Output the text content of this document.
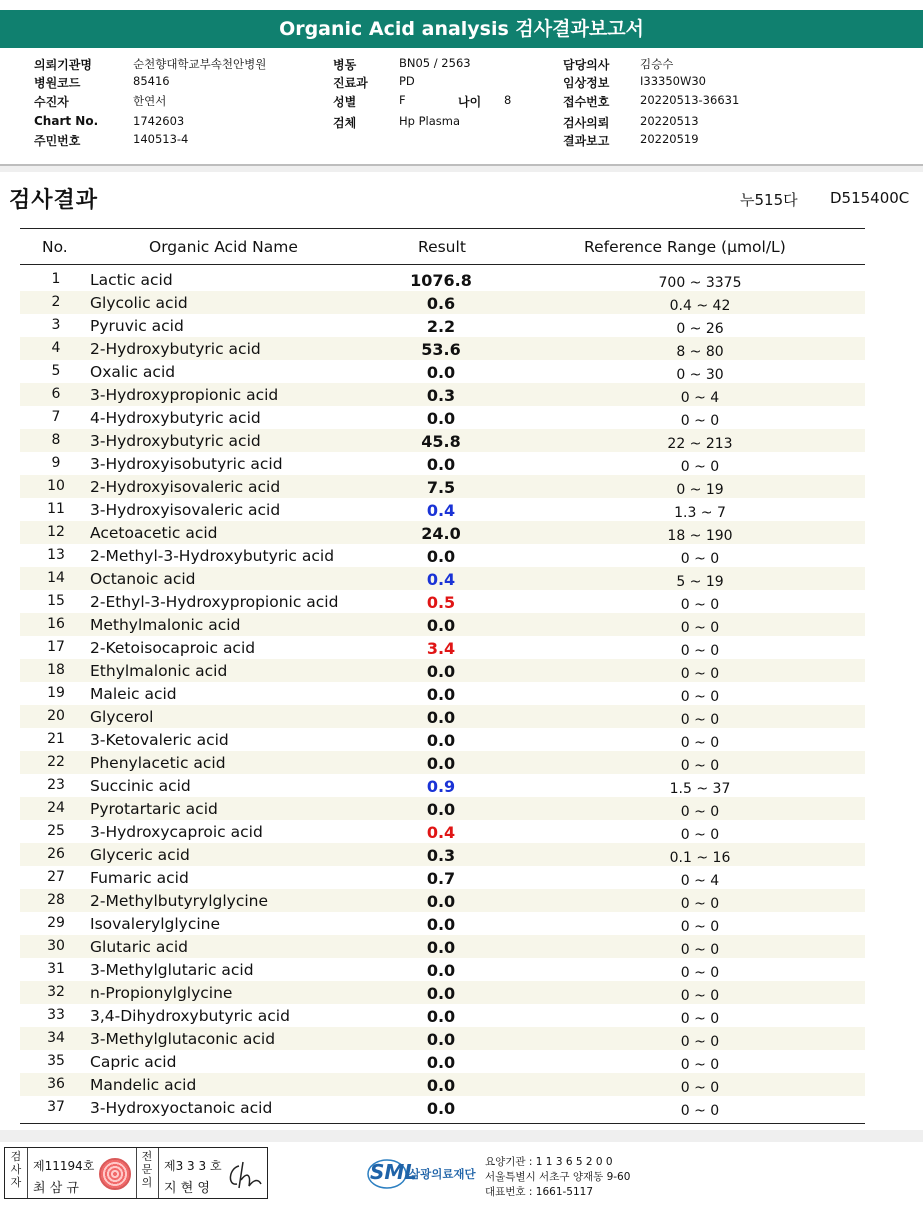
Organic Acid analysis 검사결과보고서
의뢰기관명	순천향대학교부속천안병원
병원코드	85416
수진자	한연서
Chart No.	1742603
주민번호	140513-4
병동	BN05 / 2563
진료과	PD
성별	F
검체	Hp Plasma
나이 8
담당의사	김승수
임상정보	I33350W30
접수번호	20220513-36631
검사의뢰	20220513
결과보고	20220519
검사결과	누515다 D515400C
No.	Organic Acid Name	Result	Reference Range (μmol/L)
1	Lactic acid	1076.8	700 ~ 3375
2	Glycolic acid	0.6	0.4 ~ 42
3	Pyruvic acid	2.2	0 ~ 26
4	2-Hydroxybutyric acid	53.6	8 ~ 80
5	Oxalic acid	0.0	0 ~ 30
6	3-Hydroxypropionic acid	0.3	0 ~ 4
7	4-Hydroxybutyric acid	0.0	0 ~ 0
8	3-Hydroxybutyric acid	45.8	22 ~ 213
9	3-Hydroxyisobutyric acid	0.0	0 ~ 0
10	2-Hydroxyisovaleric acid	7.5	0 ~ 19
11	3-Hydroxyisovaleric acid	0.4	1.3 ~ 7
12	Acetoacetic acid	24.0	18 ~ 190
13	2-Methyl-3-Hydroxybutyric acid	0.0	0 ~ 0
14	Octanoic acid	0.4	5 ~ 19
15	2-Ethyl-3-Hydroxypropionic acid	0.5	0 ~ 0
16	Methylmalonic acid	0.0	0 ~ 0
17	2-Ketoisocaproic acid	3.4	0 ~ 0
18	Ethylmalonic acid	0.0	0 ~ 0
19	Maleic acid	0.0	0 ~ 0
20	Glycerol	0.0	0 ~ 0
21	3-Ketovaleric acid	0.0	0 ~ 0
22	Phenylacetic acid	0.0	0 ~ 0
23	Succinic acid	0.9	1.5 ~ 37
24	Pyrotartaric acid	0.0	0 ~ 0
25	3-Hydroxycaproic acid	0.4	0 ~ 0
26	Glyceric acid	0.3	0.1 ~ 16
27	Fumaric acid	0.7	0 ~ 4
28	2-Methylbutyrylglycine	0.0	0 ~ 0
29	Isovalerylglycine	0.0	0 ~ 0
30	Glutaric acid	0.0	0 ~ 0
31	3-Methylglutaric acid	0.0	0 ~ 0
32	n-Propionylglycine	0.0	0 ~ 0
33	3,4-Dihydroxybutyric acid	0.0	0 ~ 0
34	3-Methylglutaconic acid	0.0	0 ~ 0
35	Capric acid	0.0	0 ~ 0
36	Mandelic acid	0.0	0 ~ 0
37	3-Hydroxyoctanoic acid	0.0	0 ~ 0
검사자
제11194호
최 삼 규
전문의
제3 3 3 호
지 현 영
SML
삼광의료재단
요양기관 : 1 1 3 6 5 2 0 0
서울특별시 서초구 양재동 9-60
대표번호 : 1661-5117
